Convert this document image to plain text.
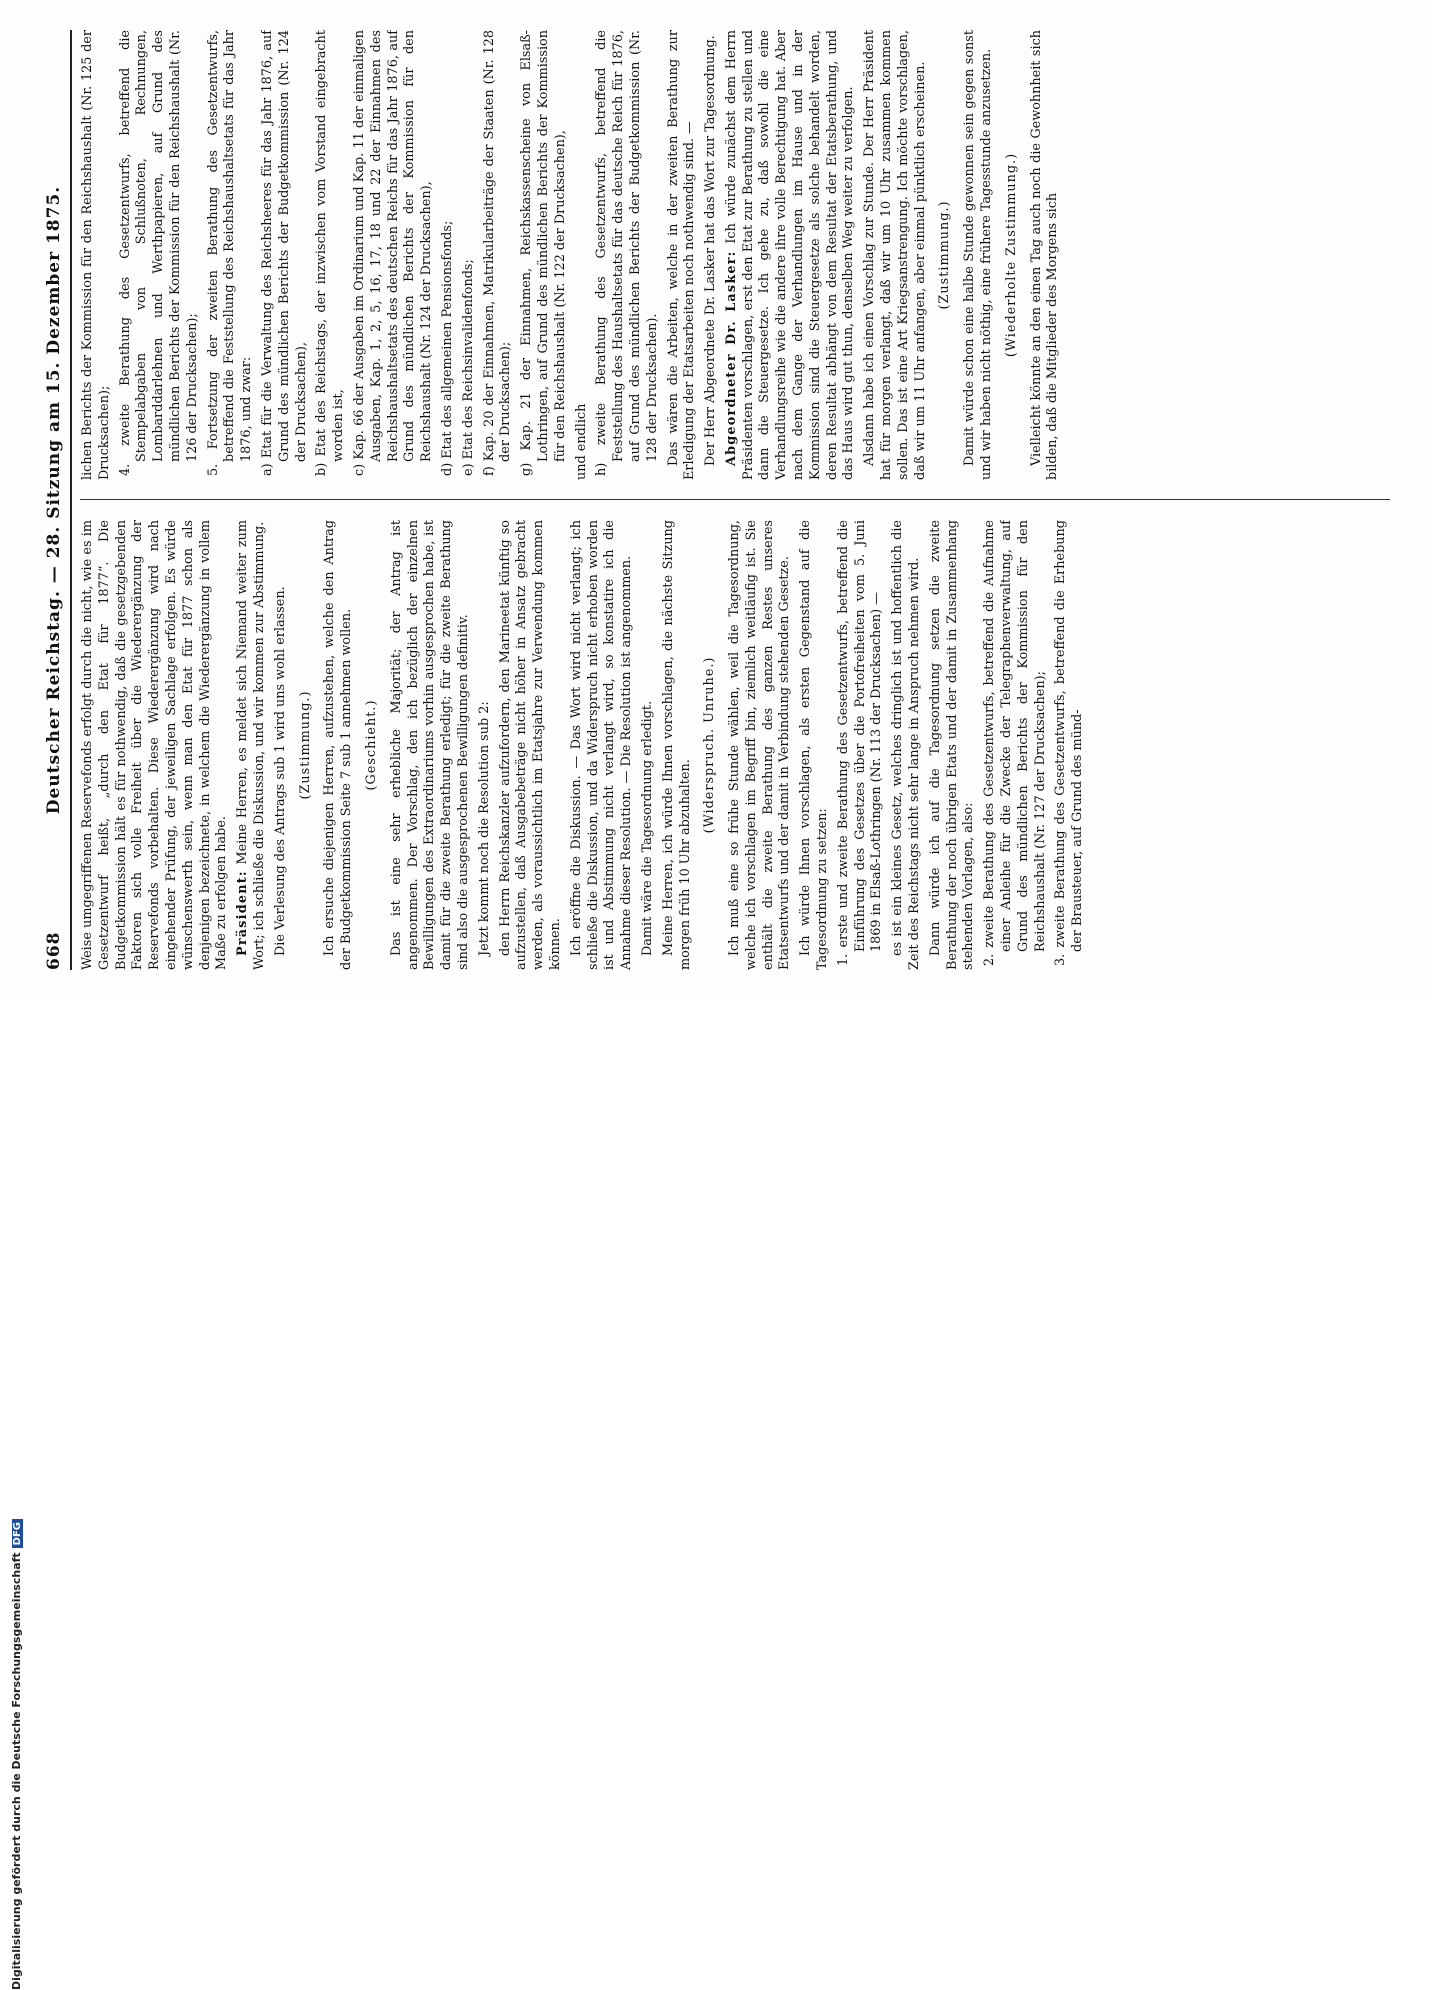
668
Deutscher Reichstag. — 28. Sitzung am 15. Dezember 1875. Weise umgegriffenen Reservefonds erfolgt durch die nicht, wie es im Gesetzentwurf heißt, „durch den Etat für 1877“. Die Budgetkommission hält es für nothwendig, daß die gesetzgebenden Faktoren sich volle Freiheit über die Wiederergänzung der Reservefonds vorbehalten. Diese Wiederergänzung wird nach eingehender Prüfung, der jeweiligen Sachlage erfolgen. Es würde wünschenswerth sein, wenn man den Etat für 1877 schon als denjenigen bezeichnete, in welchem die Wiederergänzung in vollem Maße zu erfolgen habe. Präsident: Meine Herren, es meldet sich Niemand weiter zum Wort; ich schließe die Diskussion, und wir kommen zur Abstimmung. Die Verlesung des Antrags sub 1 wird uns wohl erlassen. (Zustimmung.) Ich ersuche diejenigen Herren, aufzustehen, welche den Antrag der Budgetkommission Seite 7 sub 1 annehmen wollen. (Geschieht.) Das ist eine sehr erhebliche Majorität; der Antrag ist angenommen. Der Vorschlag, den ich bezüglich der einzelnen Bewilligungen des Extraordinariums vorhin ausgesprochen habe, ist damit für die zweite Berathung erledigt; für die zweite Berathung sind also die ausgesprochenen Bewilligungen definitiv. Jetzt kommt noch die Resolution sub 2: den Herrn Reichskanzler aufzufordern, den Marineetat künftig so aufzustellen, daß Ausgabebeträge nicht höher in Ansatz gebracht werden, als voraussichtlich im Etatsjahre zur Verwendung kommen können. Ich eröffne die Diskussion. — Das Wort wird nicht verlangt; ich schließe die Diskussion, und da Widerspruch nicht erhoben worden ist und Abstimmung nicht verlangt wird, so konstatire ich die Annahme dieser Resolution. — Die Resolution ist angenommen. Damit wäre die Tagesordnung erledigt. Meine Herren, ich würde Ihnen vorschlagen, die nächste Sitzung morgen früh 10 Uhr abzuhalten.

(Widerspruch. Unruhe.) Ich muß eine so frühe Stunde wählen, weil die Tagesordnung, welche ich vorschlagen im Begriff bin, ziemlich weitläufig ist. Sie enthält die zweite Berathung des ganzen Restes unseres Etatsentwurfs und der damit in Verbindung stehenden Gesetze. Ich würde Ihnen vorschlagen, als ersten Gegenstand auf die Tagesordnung zu setzen: 1. erste und zweite Berathung des Gesetzentwurfs, betreffend die Einführung des Gesetzes über die Portofreiheiten vom 5. Juni 1869 in Elsaß-Lothringen (Nr. 113 der Drucksachen) — es ist ein kleines Gesetz, welches dringlich ist und hoffentlich die Zeit des Reichstags nicht sehr lange in Anspruch nehmen wird. Dann würde ich auf die Tagesordnung setzen die zweite Berathung der noch übrigen Etats und der damit in Zusammenhang stehenden Vorlagen, also: 2. zweite Berathung des Gesetzentwurfs, betreffend die Aufnahme einer Anleihe für die Zwecke der Telegraphenverwaltung, auf Grund des mündlichen Berichts der Kommission für den Reichshaushalt (Nr. 127 der Drucksachen); 3. zweite Berathung des Gesetzentwurfs, betreffend die Erhebung der Brausteuer, auf Grund des münd-

lichen Berichts der Kommission für den Reichshaushalt (Nr. 125 der Drucksachen); 4. zweite Berathung des Gesetzentwurfs, betreffend die Stempelabgaben von Schlußnoten, Rechnungen, Lombarddarlehnen und Werthpapieren, auf Grund des mündlichen Berichts der Kommission für den Reichshaushalt (Nr. 126 der Drucksachen); 5. Fortsetzung der zweiten Berathung des Gesetzentwurfs, betreffend die Feststellung des Reichshaushaltsetats für das Jahr 1876, und zwar: a) Etat für die Verwaltung des Reichsheeres für das Jahr 1876, auf Grund des mündlichen Berichts der Budgetkommission (Nr. 124 der Drucksachen), b) Etat des Reichstags, der inzwischen vom Vorstand eingebracht worden ist, c) Kap. 66 der Ausgaben im Ordinarium und Kap. 11 der einmaligen Ausgaben, Kap. 1, 2, 5, 16, 17, 18 und 22 der Einnahmen des Reichshaushaltsetats des deutschen Reichs für das Jahr 1876, auf Grund des mündlichen Berichts der Kommission für den Reichshaushalt (Nr. 124 der Drucksachen), d) Etat des allgemeinen Pensionsfonds; e) Etat des Reichsinvalidenfonds; f) Kap. 20 der Einnahmen, Matrikularbeiträge der Staaten (Nr. 128 der Drucksachen); g) Kap. 21 der Einnahmen, Reichskassenscheine von Elsaß-Lothringen, auf Grund des mündlichen Berichts der Kommission für den Reichshaushalt (Nr. 122 der Drucksachen), und endlich h) zweite Berathung des Gesetzentwurfs, betreffend die Feststellung des Haushaltsetats für das deutsche Reich für 1876, auf Grund des mündlichen Berichts der Budgetkommission (Nr. 128 der Drucksachen). Das wären die Arbeiten, welche in der zweiten Berathung zur Erledigung der Etatsarbeiten noch nothwendig sind. — Der Herr Abgeordnete Dr. Lasker hat das Wort zur Tagesordnung. Abgeordneter Dr. Lasker: Ich würde zunächst dem Herrn Präsidenten vorschlagen, erst den Etat zur Berathung zu stellen und dann die Steuergesetze. Ich gehe zu, daß sowohl die eine Verhandlungsreihe wie die andere ihre volle Berechtigung hat. Aber nach dem Gange der Verhandlungen im Hause und in der Kommission sind die Steuergesetze als solche behandelt worden, deren Resultat abhängt von dem Resultat der Etatsberathung, und das Haus wird gut thun, denselben Weg weiter zu verfolgen. Alsdann habe ich einen Vorschlag zur Stunde. Der Herr Präsident hat für morgen verlangt, daß wir um 10 Uhr zusammen kommen sollen. Das ist eine Art Kriegsanstrengung. Ich möchte vorschlagen, daß wir um 11 Uhr anfangen, aber einmal pünktlich erscheinen. (Zustimmung.) Damit würde schon eine halbe Stunde gewonnen sein gegen sonst und wir haben nicht nöthig, eine frühere Tagesstunde anzusetzen. (Wiederholte Zustimmung.) Vielleicht könnte an den einen Tag auch noch die Gewohnheit sich bilden, daß die Mitglieder des Morgens sich

Digitalisierung gefördert durch die Deutsche ForschungsgemeinschaftDFG
